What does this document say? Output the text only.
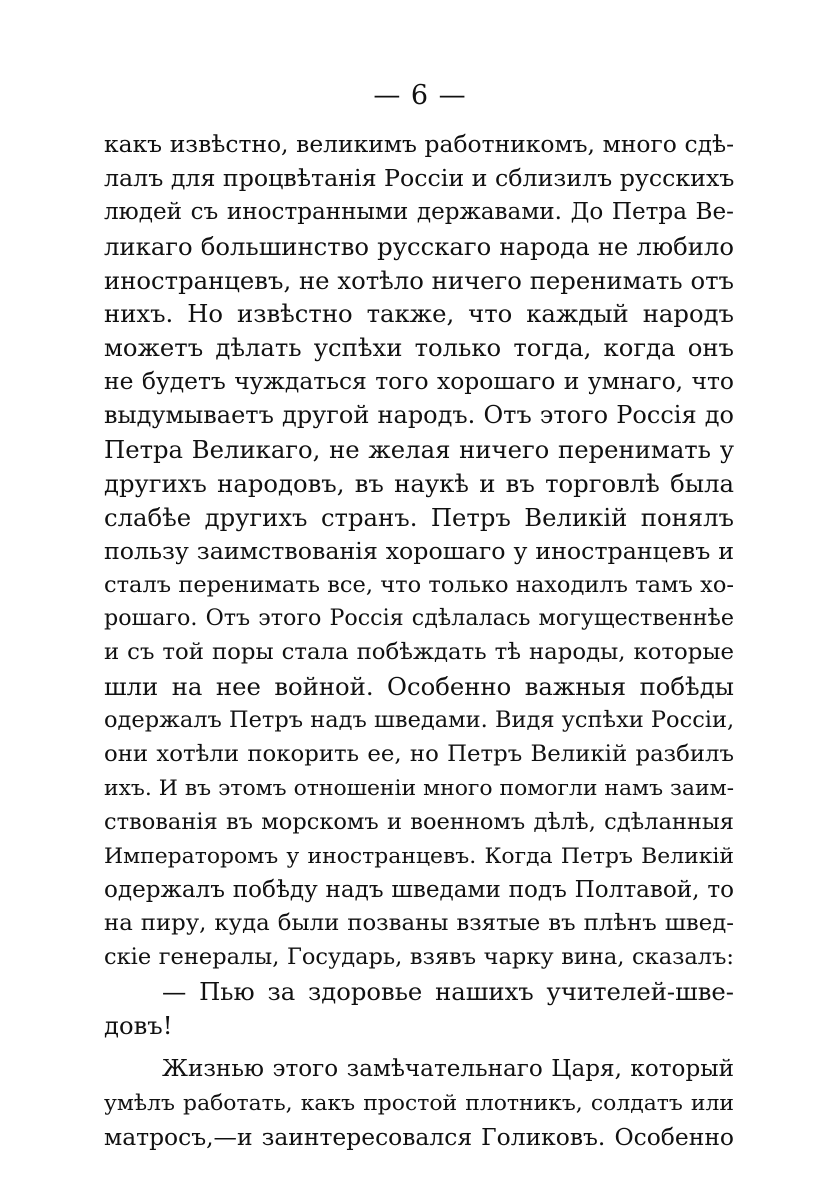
— 6 —
какъ извѣстно, великимъ работникомъ, много сдѣ-
лалъ для процвѣтанія Россіи и сблизилъ русскихъ
людей съ иностранными державами. До Петра Ве-
ликаго большинство русскаго народа не любило
иностранцевъ, не хотѣло ничего перенимать отъ
нихъ. Но извѣстно также, что каждый народъ
можетъ дѣлать успѣхи только тогда, когда онъ
не будетъ чуждаться того хорошаго и умнаго, что
выдумываетъ другой народъ. Отъ этого Россія до
Петра Великаго, не желая ничего перенимать у
другихъ народовъ, въ наукѣ и въ торговлѣ была
слабѣе другихъ странъ. Петръ Великій понялъ
пользу заимствованія хорошаго у иностранцевъ и
сталъ перенимать все, что только находилъ тамъ хо-
рошаго. Отъ этого Россія сдѣлалась могущественнѣе
и съ той поры стала побѣждать тѣ народы, которые
шли на нее войной. Особенно важныя побѣды
одержалъ Петръ надъ шведами. Видя успѣхи Россіи,
они хотѣли покорить ее, но Петръ Великій разбилъ
ихъ. И въ этомъ отношеніи много помогли намъ заим-
ствованія въ морскомъ и военномъ дѣлѣ, сдѣланныя
Императоромъ у иностранцевъ. Когда Петръ Великій
одержалъ побѣду надъ шведами подъ Полтавой, то
на пиру, куда были позваны взятые въ плѣнъ швед-
скіе генералы, Государь, взявъ чарку вина, сказалъ:
— Пью за здоровье нашихъ учителей-шве-
довъ!
Жизнью этого замѣчательнаго Царя, который
умѣлъ работать, какъ простой плотникъ, солдатъ или
матросъ,—и заинтересовался Голиковъ. Особенно
